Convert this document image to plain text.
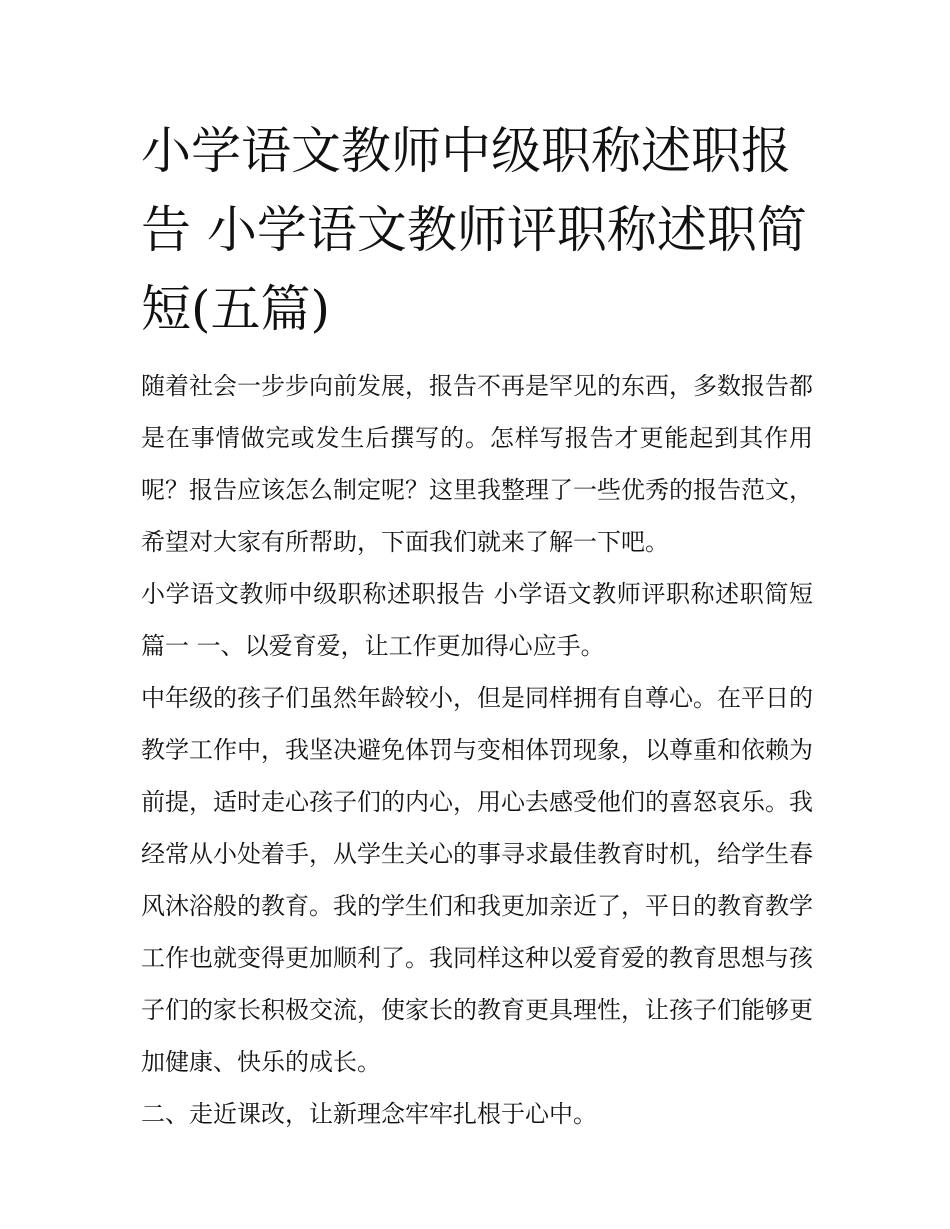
小学语文教师中级职称述职报告 小学语文教师评职称述职简短(五篇)

随着社会一步步向前发展，报告不再是罕见的东西，多数报告都是在事情做完或发生后撰写的。怎样写报告才更能起到其作用呢？报告应该怎么制定呢？这里我整理了一些优秀的报告范文，希望对大家有所帮助，下面我们就来了解一下吧。

小学语文教师中级职称述职报告 小学语文教师评职称述职简短篇一 一、以爱育爱，让工作更加得心应手。

中年级的孩子们虽然年龄较小，但是同样拥有自尊心。在平日的教学工作中，我坚决避免体罚与变相体罚现象，以尊重和依赖为前提，适时走心孩子们的内心，用心去感受他们的喜怒哀乐。我经常从小处着手，从学生关心的事寻求最佳教育时机，给学生春风沐浴般的教育。我的学生们和我更加亲近了，平日的教育教学工作也就变得更加顺利了。我同样这种以爱育爱的教育思想与孩子们的家长积极交流，使家长的教育更具理性，让孩子们能够更加健康、快乐的成长。

二、走近课改，让新理念牢牢扎根于心中。
